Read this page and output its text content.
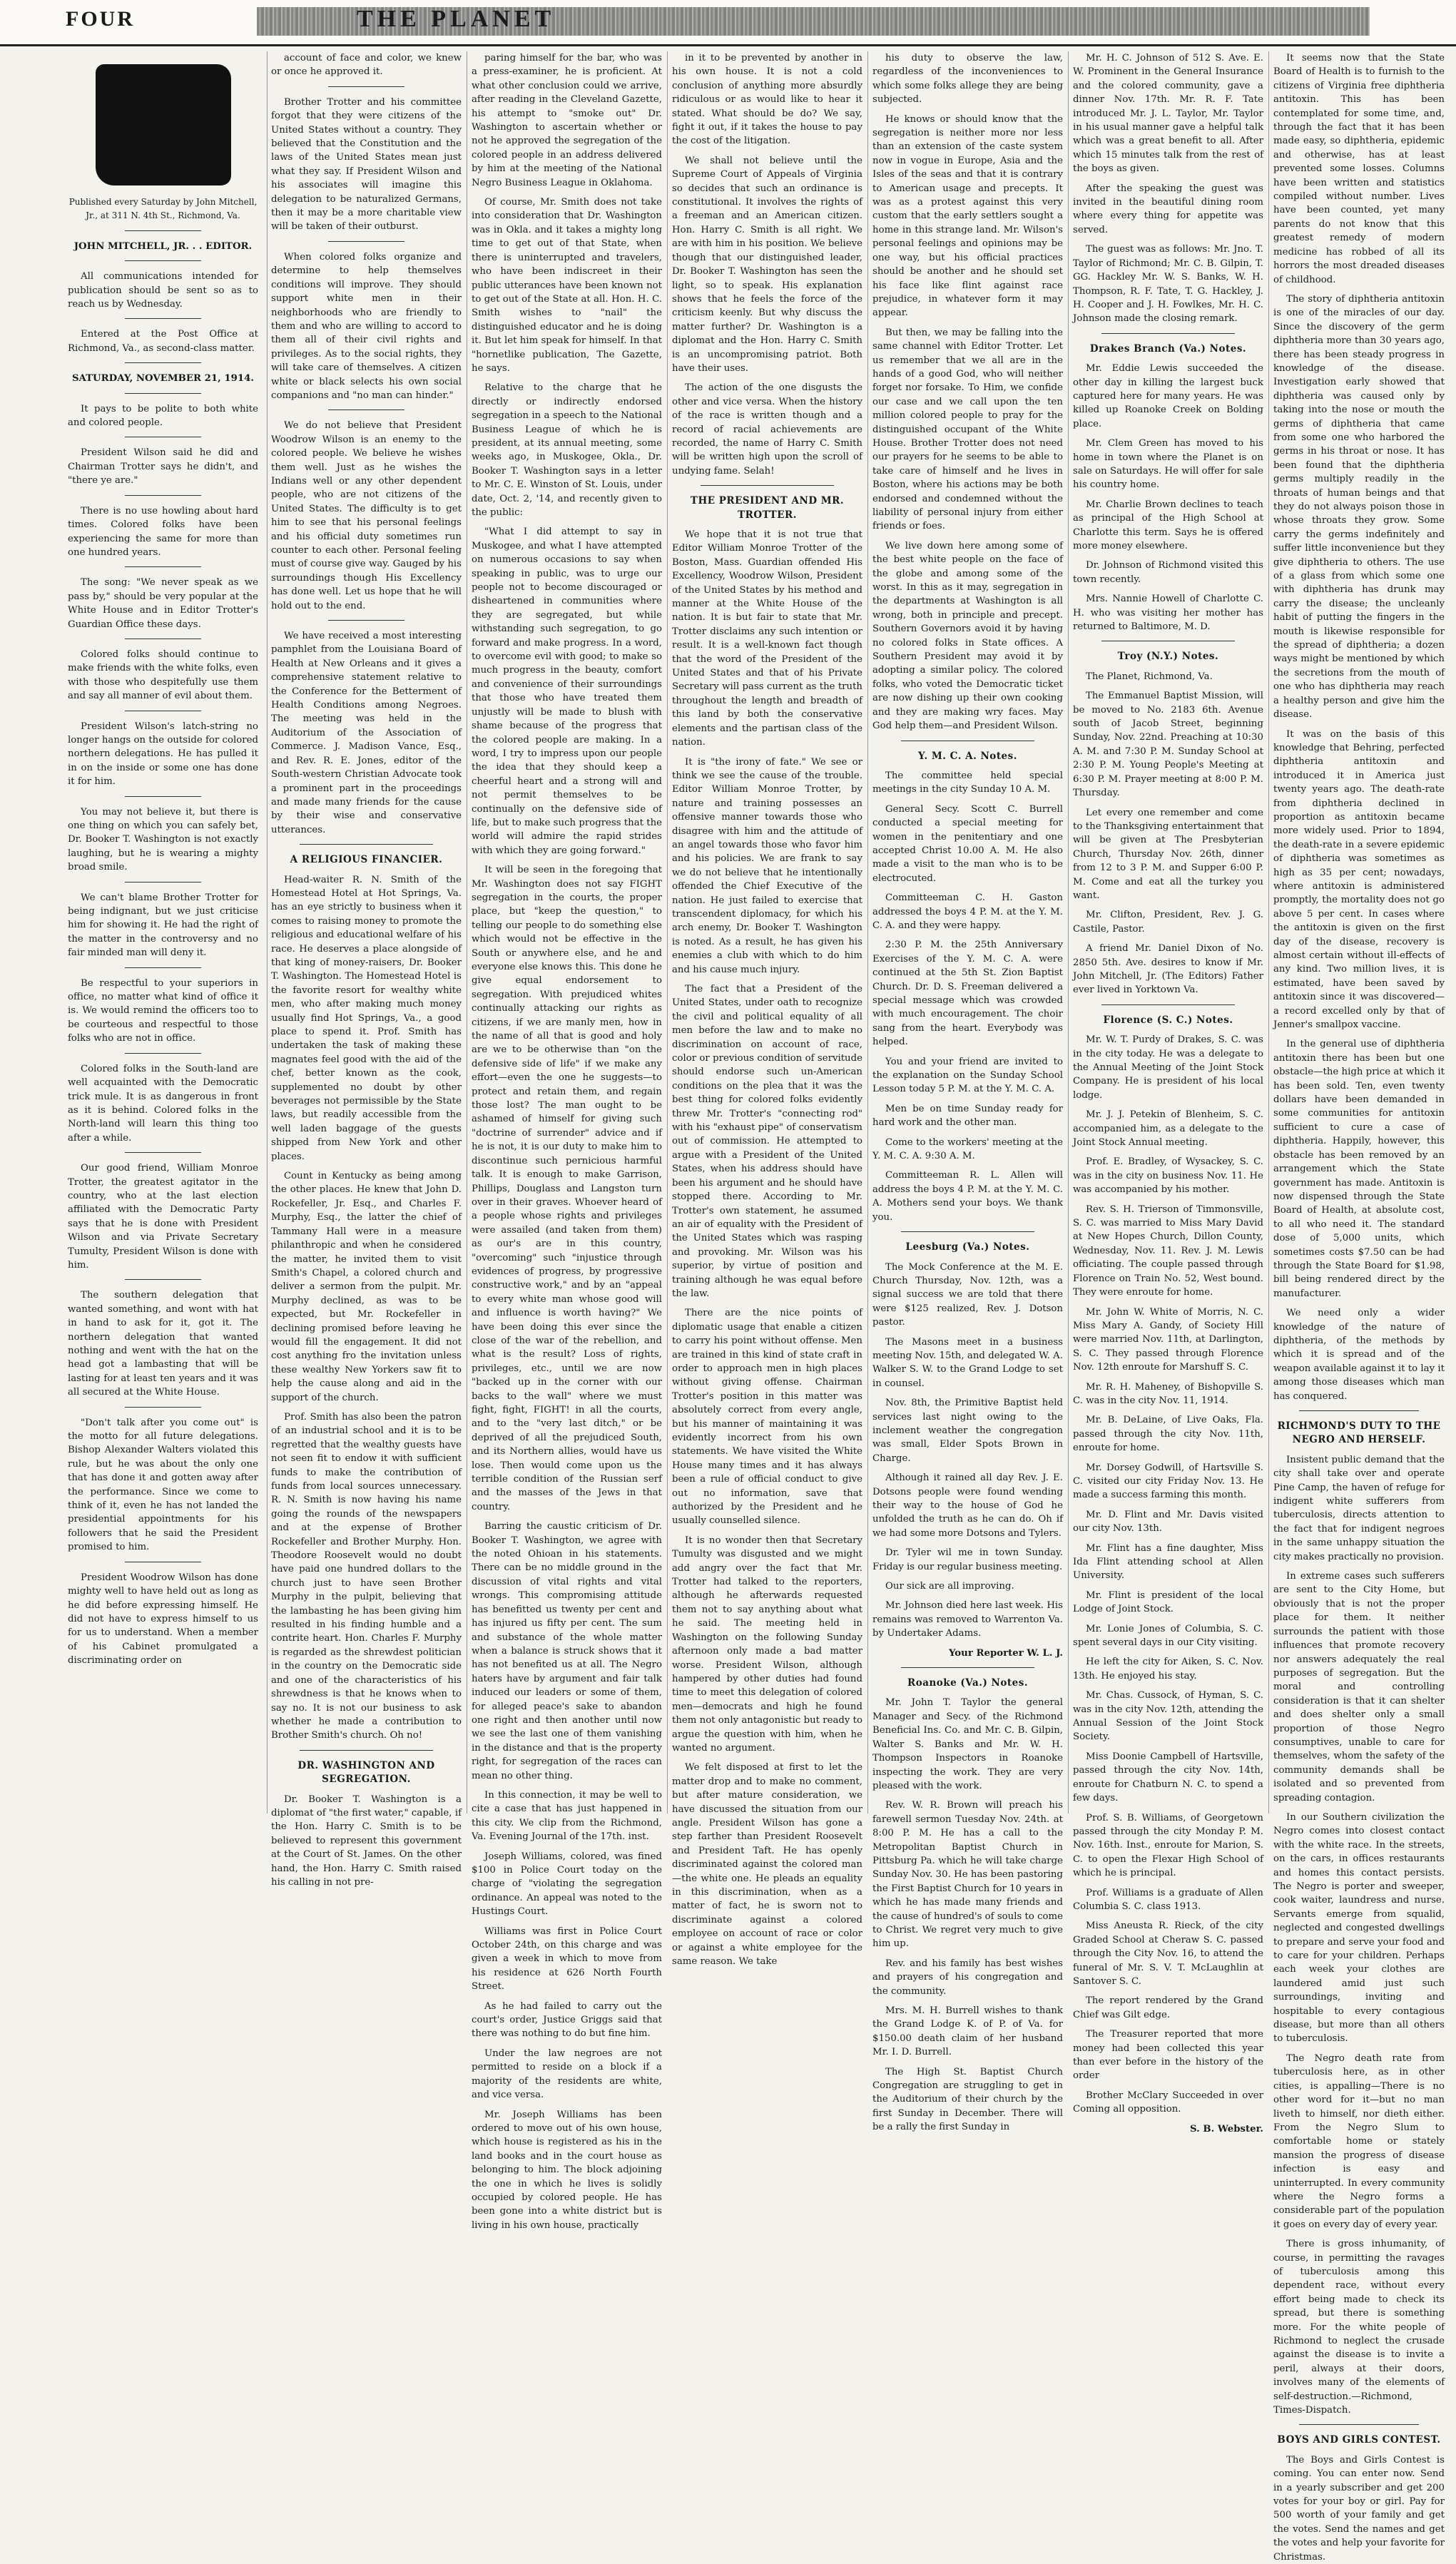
FOUR	THE PLANET

Published every Saturday by John Mitchell, Jr., at 311 N. 4th St., Richmond, Va.

JOHN MITCHELL, JR. . . EDITOR.

All communications intended for publication should be sent so as to reach us by Wednesday.

Entered at the Post Office at Richmond, Va., as second-class matter.

SATURDAY, NOVEMBER 21, 1914.

It pays to be polite to both white and colored people.

President Wilson said he did and Chairman Trotter says he didn't, and "there ye are."

There is no use howling about hard times. Colored folks have been experiencing the same for more than one hundred years.

The song: "We never speak as we pass by," should be very popular at the White House and in Editor Trotter's Guardian Office these days.

Colored folks should continue to make friends with the white folks, even with those who despitefully use them and say all manner of evil about them.

President Wilson's latch-string no longer hangs on the outside for colored northern delegations. He has pulled it in on the inside or some one has done it for him.

You may not believe it, but there is one thing on which you can safely bet, Dr. Booker T. Washington is not exactly laughing, but he is wearing a mighty broad smile.

We can't blame Brother Trotter for being indignant, but we just criticise him for showing it. He had the right of the matter in the controversy and no fair minded man will deny it.

Be respectful to your superiors in office, no matter what kind of office it is. We would remind the officers too to be courteous and respectful to those folks who are not in office.

Colored folks in the South-land are well acquainted with the Democratic trick mule. It is as dangerous in front as it is behind. Colored folks in the North-land will learn this thing too after a while.

Our good friend, William Monroe Trotter, the greatest agitator in the country, who at the last election affiliated with the Democratic Party says that he is done with President Wilson and via Private Secretary Tumulty, President Wilson is done with him.

The southern delegation that wanted something, and wont with hat in hand to ask for it, got it. The northern delegation that wanted nothing and went with the hat on the head got a lambasting that will be lasting for at least ten years and it was all secured at the White House.

"Don't talk after you come out" is the motto for all future delegations. Bishop Alexander Walters violated this rule, but he was about the only one that has done it and gotten away after the performance. Since we come to think of it, even he has not landed the presidential appointments for his followers that he said the President promised to him.

President Woodrow Wilson has done mighty well to have held out as long as he did before expressing himself. He did not have to express himself to us for us to understand. When a member of his Cabinet promulgated a discriminating order on

account of face and color, we knew or once he approved it.

Brother Trotter and his committee forgot that they were citizens of the United States without a country. They believed that the Constitution and the laws of the United States mean just what they say. If President Wilson and his associates will imagine this delegation to be naturalized Germans, then it may be a more charitable view will be taken of their outburst.

When colored folks organize and determine to help themselves conditions will improve. They should support white men in their neighborhoods who are friendly to them and who are willing to accord to them all of their civil rights and privileges. As to the social rights, they will take care of themselves. A citizen white or black selects his own social companions and "no man can hinder."

We do not believe that President Woodrow Wilson is an enemy to the colored people. We believe he wishes them well. Just as he wishes the Indians well or any other dependent people, who are not citizens of the United States. The difficulty is to get him to see that his personal feelings and his official duty sometimes run counter to each other. Personal feeling must of course give way. Gauged by his surroundings though His Excellency has done well. Let us hope that he will hold out to the end.

We have received a most interesting pamphlet from the Louisiana Board of Health at New Orleans and it gives a comprehensive statement relative to the Conference for the Betterment of Health Conditions among Negroes. The meeting was held in the Auditorium of the Association of Commerce. J. Madison Vance, Esq., and Rev. R. E. Jones, editor of the South-western Christian Advocate took a prominent part in the proceedings and made many friends for the cause by their wise and conservative utterances.

A RELIGIOUS FINANCIER.

Head-waiter R. N. Smith of the Homestead Hotel at Hot Springs, Va. has an eye strictly to business when it comes to raising money to promote the religious and educational welfare of his race. He deserves a place alongside of that king of money-raisers, Dr. Booker T. Washington. The Homestead Hotel is the favorite resort for wealthy white men, who after making much money usually find Hot Springs, Va., a good place to spend it. Prof. Smith has undertaken the task of making these magnates feel good with the aid of the chef, better known as the cook, supplemented no doubt by other beverages not permissible by the State laws, but readily accessible from the well laden baggage of the guests shipped from New York and other places.

Count in Kentucky as being among the other places. He knew that John D. Rockefeller, Jr. Esq., and Charles F. Murphy, Esq., the latter the chief of Tammany Hall were in a measure philanthropic and when he considered the matter, he invited them to visit Smith's Chapel, a colored church and deliver a sermon from the pulpit. Mr. Murphy declined, as was to be expected, but Mr. Rockefeller in declining promised before leaving he would fill the engagement. It did not cost anything fro the invitation unless these wealthy New Yorkers saw fit to help the cause along and aid in the support of the church.

Prof. Smith has also been the patron of an industrial school and it is to be regretted that the wealthy guests have not seen fit to endow it with sufficient funds to make the contribution of funds from local sources unnecessary. R. N. Smith is now having his name going the rounds of the newspapers and at the expense of Brother Rockefeller and Brother Murphy. Hon. Theodore Roosevelt would no doubt have paid one hundred dollars to the church just to have seen Brother Murphy in the pulpit, believing that the lambasting he has been giving him resulted in his finding humble and a contrite heart. Hon. Charles F. Murphy is regarded as the shrewdest politician in the country on the Democratic side and one of the characteristics of his shrewdness is that he knows when to say no. It is not our business to ask whether he made a contribution to Brother Smith's church. Oh no!

DR. WASHINGTON AND SEGREGATION.

Dr. Booker T. Washington is a diplomat of "the first water," capable, if the Hon. Harry C. Smith is to be believed to represent this government at the Court of St. James. On the other hand, the Hon. Harry C. Smith raised his calling in not pre-

paring himself for the bar, who was a press-examiner, he is proficient. At what other conclusion could we arrive, after reading in the Cleveland Gazette, his attempt to "smoke out" Dr. Washington to ascertain whether or not he approved the segregation of the colored people in an address delivered by him at the meeting of the National Negro Business League in Oklahoma.

Of course, Mr. Smith does not take into consideration that Dr. Washington was in Okla. and it takes a mighty long time to get out of that State, when there is uninterrupted and travelers, who have been indiscreet in their public utterances have been known not to get out of the State at all. Hon. H. C. Smith wishes to "nail" the distinguished educator and he is doing it. But let him speak for himself. In that "hornetlike publication, The Gazette, he says.

Relative to the charge that he directly or indirectly endorsed segregation in a speech to the National Business League of which he is president, at its annual meeting, some weeks ago, in Muskogee, Okla., Dr. Booker T. Washington says in a letter to Mr. C. E. Winston of St. Louis, under date, Oct. 2, '14, and recently given to the public:

"What I did attempt to say in Muskogee, and what I have attempted on numerous occasions to say when speaking in public, was to urge our people not to become discouraged or disheartened in communities where they are segregated, but while withstanding such segregation, to go forward and make progress. In a word, to overcome evil with good; to make so much progress in the beauty, comfort and convenience of their surroundings that those who have treated them unjustly will be made to blush with shame because of the progress that the colored people are making. In a word, I try to impress upon our people the idea that they should keep a cheerful heart and a strong will and not permit themselves to be continually on the defensive side of life, but to make such progress that the world will admire the rapid strides with which they are going forward."

It will be seen in the foregoing that Mr. Washington does not say FIGHT segregation in the courts, the proper place, but "keep the question," to telling our people to do something else which would not be effective in the South or anywhere else, and he and everyone else knows this. This done he give equal endorsement to segregation. With prejudiced whites continually attacking our rights as citizens, if we are manly men, how in the name of all that is good and holy are we to be otherwise than "on the defensive side of life" if we make any effort—even the one he suggests—to protect and retain them, and regain those lost? The man ought to be ashamed of himself for giving such "doctrine of surrender" advice and if he is not, it is our duty to make him to discontinue such pernicious harmful talk. It is enough to make Garrison, Phillips, Douglass and Langston turn over in their graves. Whoever heard of a people whose rights and privileges were assailed (and taken from them) as our's are in this country, "overcoming" such "injustice through evidences of progress, by progressive constructive work," and by an "appeal to every white man whose good will and influence is worth having?" We have been doing this ever since the close of the war of the rebellion, and what is the result? Loss of rights, privileges, etc., until we are now "backed up in the corner with our backs to the wall" where we must fight, fight, FIGHT! in all the courts, and to the "very last ditch," or be deprived of all the prejudiced South, and its Northern allies, would have us lose. Then would come upon us the terrible condition of the Russian serf and the masses of the Jews in that country.

Barring the caustic criticism of Dr. Booker T. Washington, we agree with the noted Ohioan in his statements. There can be no middle ground in the discussion of vital rights and vital wrongs. This compromising attitude has benefitted us twenty per cent and has injured us fifty per cent. The sum and substance of the whole matter when a balance is struck shows that it has not benefited us at all. The Negro haters have by argument and fair talk induced our leaders or some of them, for alleged peace's sake to abandon one right and then another until now we see the last one of them vanishing in the distance and that is the property right, for segregation of the races can mean no other thing.

In this connection, it may be well to cite a case that has just happened in this city. We clip from the Richmond, Va. Evening Journal of the 17th. inst.

Joseph Williams, colored, was fined $100 in Police Court today on the charge of "violating the segregation ordinance. An appeal was noted to the Hustings Court.

Williams was first in Police Court October 24th, on this charge and was given a week in which to move from his residence at 626 North Fourth Street.

As he had failed to carry out the court's order, Justice Griggs said that there was nothing to do but fine him.

Under the law negroes are not permitted to reside on a block if a majority of the residents are white, and vice versa.

Mr. Joseph Williams has been ordered to move out of his own house, which house is registered as his in the land books and in the court house as belonging to him. The block adjoining the one in which he lives is solidly occupied by colored people. He has been gone into a white district but is living in his own house, practically

in it to be prevented by another in his own house. It is not a cold conclusion of anything more absurdly ridiculous or as would like to hear it stated. What should be do? We say, fight it out, if it takes the house to pay the cost of the litigation.

We shall not believe until the Supreme Court of Appeals of Virginia so decides that such an ordinance is constitutional. It involves the rights of a freeman and an American citizen. Hon. Harry C. Smith is all right. We are with him in his position. We believe though that our distinguished leader, Dr. Booker T. Washington has seen the light, so to speak. His explanation shows that he feels the force of the criticism keenly. But why discuss the matter further? Dr. Washington is a diplomat and the Hon. Harry C. Smith is an uncompromising patriot. Both have their uses.

The action of the one disgusts the other and vice versa. When the history of the race is written though and a record of racial achievements are recorded, the name of Harry C. Smith will be written high upon the scroll of undying fame. Selah!

THE PRESIDENT AND MR. TROTTER.

We hope that it is not true that Editor William Monroe Trotter of the Boston, Mass. Guardian offended His Excellency, Woodrow Wilson, President of the United States by his method and manner at the White House of the nation. It is but fair to state that Mr. Trotter disclaims any such intention or result. It is a well-known fact though that the word of the President of the United States and that of his Private Secretary will pass current as the truth throughout the length and breadth of this land by both the conservative elements and the partisan class of the nation.

It is "the irony of fate." We see or think we see the cause of the trouble. Editor William Monroe Trotter, by nature and training possesses an offensive manner towards those who disagree with him and the attitude of an angel towards those who favor him and his policies. We are frank to say we do not believe that he intentionally offended the Chief Executive of the nation. He just failed to exercise that transcendent diplomacy, for which his arch enemy, Dr. Booker T. Washington is noted. As a result, he has given his enemies a club with which to do him and his cause much injury.

The fact that a President of the United States, under oath to recognize the civil and political equality of all men before the law and to make no discrimination on account of race, color or previous condition of servitude should endorse such un-American conditions on the plea that it was the best thing for colored folks evidently threw Mr. Trotter's "connecting rod" with his "exhaust pipe" of conservatism out of commission. He attempted to argue with a President of the United States, when his address should have been his argument and he should have stopped there. According to Mr. Trotter's own statement, he assumed an air of equality with the President of the United States which was rasping and provoking. Mr. Wilson was his superior, by virtue of position and training although he was equal before the law.

There are the nice points of diplomatic usage that enable a citizen to carry his point without offense. Men are trained in this kind of state craft in order to approach men in high places without giving offense. Chairman Trotter's position in this matter was absolutely correct from every angle, but his manner of maintaining it was evidently incorrect from his own statements. We have visited the White House many times and it has always been a rule of official conduct to give out no information, save that authorized by the President and he usually counselled silence.

It is no wonder then that Secretary Tumulty was disgusted and we might add angry over the fact that Mr. Trotter had talked to the reporters, although he afterwards requested them not to say anything about what he said. The meeting held in Washington on the following Sunday afternoon only made a bad matter worse. President Wilson, although hampered by other duties had found time to meet this delegation of colored men—democrats and high he found them not only antagonistic but ready to argue the question with him, when he wanted no argument.

We felt disposed at first to let the matter drop and to make no comment, but after mature consideration, we have discussed the situation from our angle. President Wilson has gone a step farther than President Roosevelt and President Taft. He has openly discriminated against the colored man—the white one. He pleads an equality in this discrimination, when as a matter of fact, he is sworn not to discriminate against a colored employee on account of race or color or against a white employee for the same reason. We take

his duty to observe the law, regardless of the inconveniences to which some folks allege they are being subjected.

He knows or should know that the segregation is neither more nor less than an extension of the caste system now in vogue in Europe, Asia and the Isles of the seas and that it is contrary to American usage and precepts. It was as a protest against this very custom that the early settlers sought a home in this strange land. Mr. Wilson's personal feelings and opinions may be one way, but his official practices should be another and he should set his face like flint against race prejudice, in whatever form it may appear.

But then, we may be falling into the same channel with Editor Trotter. Let us remember that we all are in the hands of a good God, who will neither forget nor forsake. To Him, we confide our case and we call upon the ten million colored people to pray for the distinguished occupant of the White House. Brother Trotter does not need our prayers for he seems to be able to take care of himself and he lives in Boston, where his actions may be both endorsed and condemned without the liability of personal injury from either friends or foes.

We live down here among some of the best white people on the face of the globe and among some of the worst. In this as it may, segregation in the departments at Washington is all wrong, both in principle and precept. Southern Governors avoid it by having no colored folks in State offices. A Southern President may avoid it by adopting a similar policy. The colored folks, who voted the Democratic ticket are now dishing up their own cooking and they are making wry faces. May God help them—and President Wilson.

Y. M. C. A. Notes.

The committee held special meetings in the city Sunday 10 A. M.

General Secy. Scott C. Burrell conducted a special meeting for women in the penitentiary and one accepted Christ 10.00 A. M. He also made a visit to the man who is to be electrocuted.

Committeeman C. H. Gaston addressed the boys 4 P. M. at the Y. M. C. A. and they were happy.

2:30 P. M. the 25th Anniversary Exercises of the Y. M. C. A. were continued at the 5th St. Zion Baptist Church. Dr. D. S. Freeman delivered a special message which was crowded with much encouragement. The choir sang from the heart. Everybody was helped.

You and your friend are invited to the explanation on the Sunday School Lesson today 5 P. M. at the Y. M. C. A.

Men be on time Sunday ready for hard work and the other man.

Come to the workers' meeting at the Y. M. C. A. 9:30 A. M.

Committeeman R. L. Allen will address the boys 4 P. M. at the Y. M. C. A. Mothers send your boys. We thank you.

Leesburg (Va.) Notes.

The Mock Conference at the M. E. Church Thursday, Nov. 12th, was a signal success we are told that there were $125 realized, Rev. J. Dotson pastor.

The Masons meet in a business meeting Nov. 15th, and delegated W. A. Walker S. W. to the Grand Lodge to set in counsel.

Nov. 8th, the Primitive Baptist held services last night owing to the inclement weather the congregation was small, Elder Spots Brown in Charge.

Although it rained all day Rev. J. E. Dotsons people were found wending their way to the house of God he unfolded the truth as he can do. Oh if we had some more Dotsons and Tylers.

Dr. Tyler wil me in town Sunday. Friday is our regular business meeting.

Our sick are all improving.

Mr. Johnson died here last week. His remains was removed to Warrenton Va. by Undertaker Adams.

Your Reporter W. L. J.
Roanoke (Va.) Notes.

Mr. John T. Taylor the general Manager and Secy. of the Richmond Beneficial Ins. Co. and Mr. C. B. Gilpin, Walter S. Banks and Mr. W. H. Thompson Inspectors in Roanoke inspecting the work. They are very pleased with the work.

Rev. W. R. Brown will preach his farewell sermon Tuesday Nov. 24th. at 8:00 P. M. He has a call to the Metropolitan Baptist Church in Pittsburg Pa. which he will take charge Sunday Nov. 30. He has been pastoring the First Baptist Church for 10 years in which he has made many friends and the cause of hundred's of souls to come to Christ. We regret very much to give him up.

Rev. and his family has best wishes and prayers of his congregation and the community.

Mrs. M. H. Burrell wishes to thank the Grand Lodge K. of P. of Va. for $150.00 death claim of her husband Mr. I. D. Burrell.

The High St. Baptist Church Congregation are struggling to get in the Auditorium of their church by the first Sunday in December. There will be a rally the first Sunday in

Mr. H. C. Johnson of 512 S. Ave. E. W. Prominent in the General Insurance and the colored community, gave a dinner Nov. 17th. Mr. R. F. Tate introduced Mr. J. L. Taylor, Mr. Taylor in his usual manner gave a helpful talk which was a great benefit to all. After which 15 minutes talk from the rest of the boys as given.

After the speaking the guest was invited in the beautiful dining room where every thing for appetite was served.

The guest was as follows: Mr. Jno. T. Taylor of Richmond; Mr. C. B. Gilpin, T. GG. Hackley Mr. W. S. Banks, W. H. Thompson, R. F. Tate, T. G. Hackley, J. H. Cooper and J. H. Fowlkes, Mr. H. C. Johnson made the closing remark.

Drakes Branch (Va.) Notes.

Mr. Eddie Lewis succeeded the other day in killing the largest buck captured here for many years. He was killed up Roanoke Creek on Bolding place.

Mr. Clem Green has moved to his home in town where the Planet is on sale on Saturdays. He will offer for sale his country home.

Mr. Charlie Brown declines to teach as principal of the High School at Charlotte this term. Says he is offered more money elsewhere.

Dr. Johnson of Richmond visited this town recently.

Mrs. Nannie Howell of Charlotte C. H. who was visiting her mother has returned to Baltimore, M. D.

Troy (N.Y.) Notes.

The Planet, Richmond, Va.

The Emmanuel Baptist Mission, will be moved to No. 2183 6th. Avenue south of Jacob Street, beginning Sunday, Nov. 22nd. Preaching at 10:30 A. M. and 7:30 P. M. Sunday School at 2:30 P. M. Young People's Meeting at 6:30 P. M. Prayer meeting at 8:00 P. M. Thursday.

Let every one remember and come to the Thanksgiving entertainment that will be given at The Presbyterian Church, Thursday Nov. 26th, dinner from 12 to 3 P. M. and Supper 6:00 P. M. Come and eat all the turkey you want.

Mr. Clifton, President, Rev. J. G. Castile, Pastor.

A friend Mr. Daniel Dixon of No. 2850 5th. Ave. desires to know if Mr. John Mitchell, Jr. (The Editors) Father ever lived in Yorktown Va.

Florence (S. C.) Notes.

Mr. W. T. Purdy of Drakes, S. C. was in the city today. He was a delegate to the Annual Meeting of the Joint Stock Company. He is president of his local lodge.

Mr. J. J. Petekin of Blenheim, S. C. accompanied him, as a delegate to the Joint Stock Annual meeting.

Prof. E. Bradley, of Wysackey, S. C. was in the city on business Nov. 11. He was accompanied by his mother.

Rev. S. H. Trierson of Timmonsville, S. C. was married to Miss Mary David at New Hopes Church, Dillon County, Wednesday, Nov. 11. Rev. J. M. Lewis officiating. The couple passed through Florence on Train No. 52, West bound. They were enroute for home.

Mr. John W. White of Morris, N. C. Miss Mary A. Gandy, of Society Hill were married Nov. 11th, at Darlington, S. C. They passed through Florence Nov. 12th enroute for Marshuff S. C.

Mr. R. H. Maheney, of Bishopville S. C. was in the city Nov. 11, 1914.

Mr. B. DeLaine, of Live Oaks, Fla. passed through the city Nov. 11th, enroute for home.

Mr. Dorsey Godwill, of Hartsville S. C. visited our city Friday Nov. 13. He made a success farming this month.

Mr. D. Flint and Mr. Davis visited our city Nov. 13th.

Mr. Flint has a fine daughter, Miss Ida Flint attending school at Allen University.

Mr. Flint is president of the local Lodge of Joint Stock.

Mr. Lonie Jones of Columbia, S. C. spent several days in our City visiting.

He left the city for Aiken, S. C. Nov. 13th. He enjoyed his stay.

Mr. Chas. Cussock, of Hyman, S. C. was in the city Nov. 12th, attending the Annual Session of the Joint Stock Society.

Miss Doonie Campbell of Hartsville, passed through the city Nov. 14th, enroute for Chatburn N. C. to spend a few days.

Prof. S. B. Williams, of Georgetown passed through the city Monday P. M. Nov. 16th. Inst., enroute for Marion, S. C. to open the Flexar High School of which he is principal.

Prof. Williams is a graduate of Allen Columbia S. C. class 1913.

Miss Aneusta R. Rieck, of the city Graded School at Cheraw S. C. passed through the City Nov. 16, to attend the funeral of Mr. S. V. T. McLaughlin at Santover S. C.

The report rendered by the Grand Chief was Gilt edge.

The Treasurer reported that more money had been collected this year than ever before in the history of the order

Brother McClary Succeeded in over Coming all opposition.

S. B. Webster.

It seems now that the State Board of Health is to furnish to the citizens of Virginia free diphtheria antitoxin. This has been contemplated for some time, and, through the fact that it has been made easy, so diphtheria, epidemic and otherwise, has at least prevented some losses. Columns have been written and statistics compiled without number. Lives have been counted, yet many parents do not know that this greatest remedy of modern medicine has robbed of all its horrors the most dreaded diseases of childhood.

The story of diphtheria antitoxin is one of the miracles of our day. Since the discovery of the germ diphtheria more than 30 years ago, there has been steady progress in knowledge of the disease. Investigation early showed that diphtheria was caused only by taking into the nose or mouth the germs of diphtheria that came from some one who harbored the germs in his throat or nose. It has been found that the diphtheria germs multiply readily in the throats of human beings and that they do not always poison those in whose throats they grow. Some carry the germs indefinitely and suffer little inconvenience but they give diphtheria to others. The use of a glass from which some one with diphtheria has drunk may carry the disease; the uncleanly habit of putting the fingers in the mouth is likewise responsible for the spread of diphtheria; a dozen ways might be mentioned by which the secretions from the mouth of one who has diphtheria may reach a healthy person and give him the disease.

It was on the basis of this knowledge that Behring, perfected diphtheria antitoxin and introduced it in America just twenty years ago. The death-rate from diphtheria declined in proportion as antitoxin became more widely used. Prior to 1894, the death-rate in a severe epidemic of diphtheria was sometimes as high as 35 per cent; nowadays, where antitoxin is administered promptly, the mortality does not go above 5 per cent. In cases where the antitoxin is given on the first day of the disease, recovery is almost certain without ill-effects of any kind. Two million lives, it is estimated, have been saved by antitoxin since it was discovered—a record excelled only by that of Jenner's smallpox vaccine.

In the general use of diphtheria antitoxin there has been but one obstacle—the high price at which it has been sold. Ten, even twenty dollars have been demanded in some communities for antitoxin sufficient to cure a case of diphtheria. Happily, however, this obstacle has been removed by an arrangement which the State government has made. Antitoxin is now dispensed through the State Board of Health, at absolute cost, to all who need it. The standard dose of 5,000 units, which sometimes costs $7.50 can be had through the State Board for $1.98, bill being rendered direct by the manufacturer.

We need only a wider knowledge of the nature of diphtheria, of the methods by which it is spread and of the weapon available against it to lay it among those diseases which man has conquered.

RICHMOND'S DUTY TO THE NEGRO AND HERSELF.

Insistent public demand that the city shall take over and operate Pine Camp, the haven of refuge for indigent white sufferers from tuberculosis, directs attention to the fact that for indigent negroes in the same unhappy situation the city makes practically no provision.

In extreme cases such sufferers are sent to the City Home, but obviously that is not the proper place for them. It neither surrounds the patient with those influences that promote recovery nor answers adequately the real purposes of segregation. But the moral and controlling consideration is that it can shelter and does shelter only a small proportion of those Negro consumptives, unable to care for themselves, whom the safety of the community demands shall be isolated and so prevented from spreading contagion.

In our Southern civilization the Negro comes into closest contact with the white race. In the streets, on the cars, in offices restaurants and homes this contact persists. The Negro is porter and sweeper, cook waiter, laundress and nurse. Servants emerge from squalid, neglected and congested dwellings to prepare and serve your food and to care for your children. Perhaps each week your clothes are laundered amid just such surroundings, inviting and hospitable to every contagious disease, but more than all others to tuberculosis.

The Negro death rate from tuberculosis here, as in other cities, is appalling—There is no other word for it—but no man liveth to himself, nor dieth either. From the Negro Slum to comfortable home or stately mansion the progress of disease infection is easy and uninterrupted. In every community where the Negro forms a considerable part of the population it goes on every day of every year.

There is gross inhumanity, of course, in permitting the ravages of tuberculosis among this dependent race, without every effort being made to check its spread, but there is something more. For the white people of Richmond to neglect the crusade against the disease is to invite a peril, always at their doors, involves many of the elements of self-destruction.—Richmond, Times-Dispatch.

BOYS AND GIRLS CONTEST.

The Boys and Girls Contest is coming. You can enter now. Send in a yearly subscriber and get 200 votes for your boy or girl. Pay for 500 worth of your family and get the votes. Send the names and get the votes and help your favorite for Christmas.
